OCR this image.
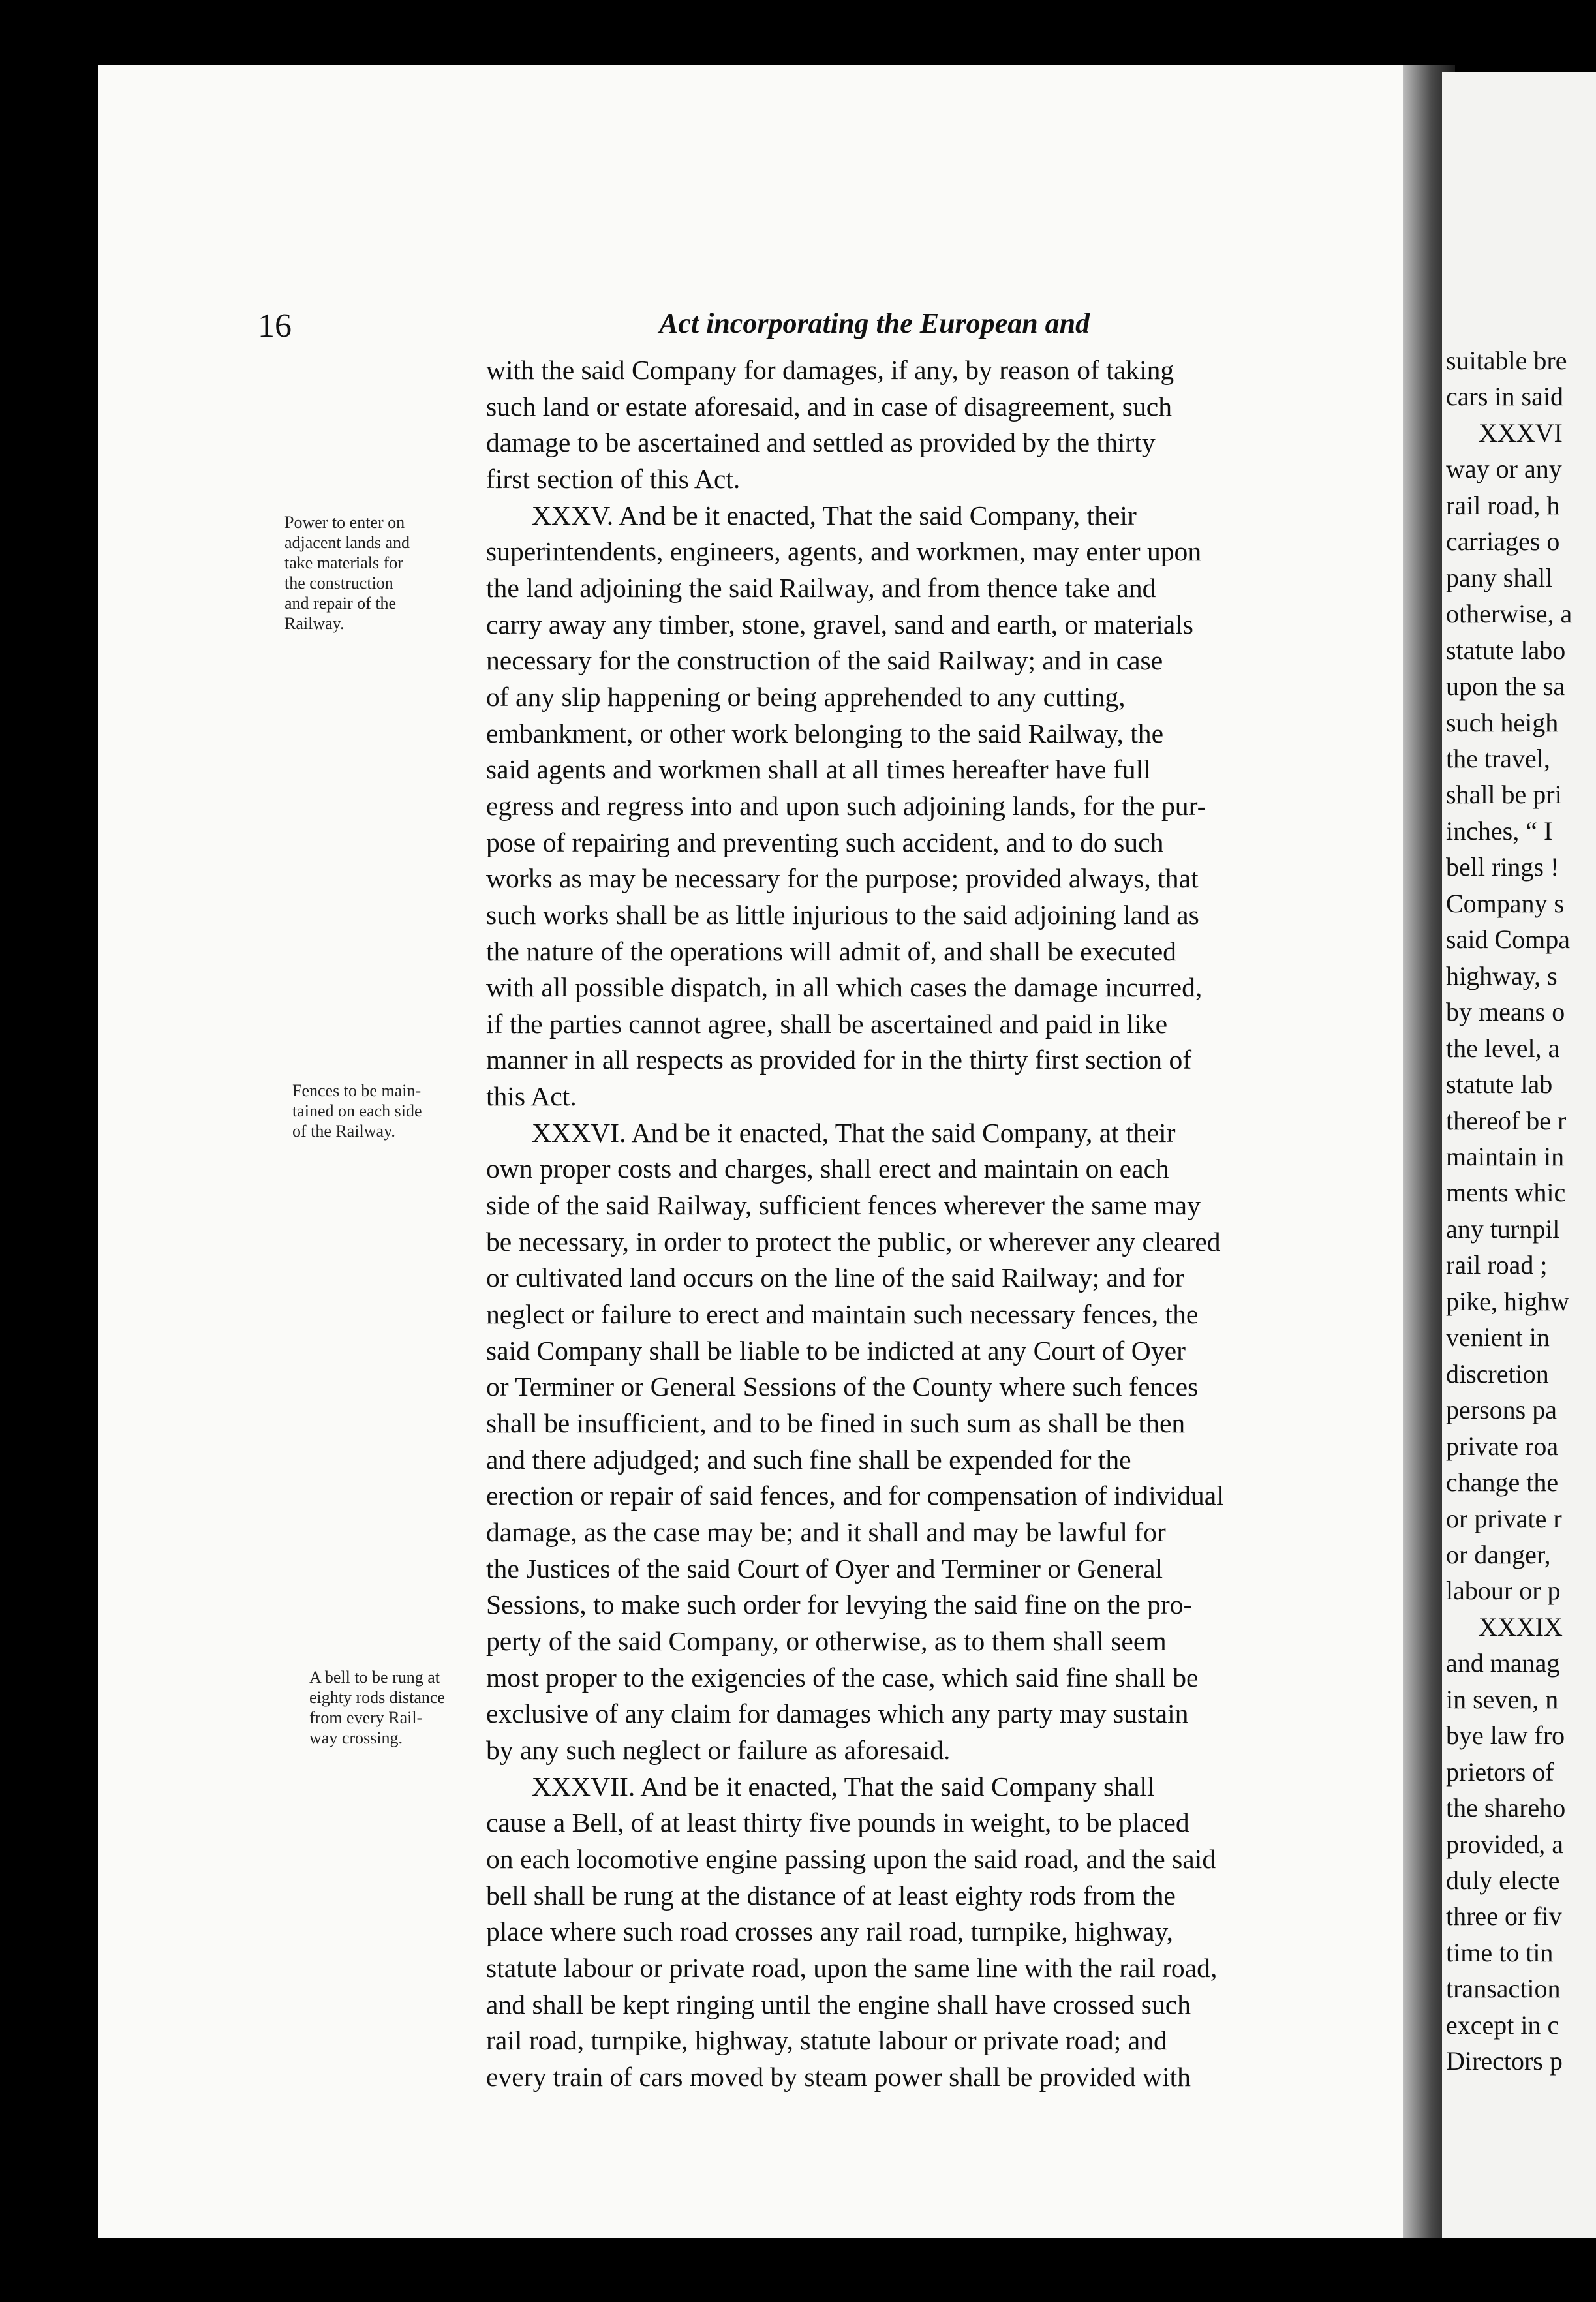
16	Act incorporating the European and
Power to enter on
adjacent lands and
take materials for
the construction
and repair of the
Railway.
Fences to be main-
tained on each side
of the Railway.
A bell to be rung at
eighty rods distance
from every Rail-
way crossing.

with the said Company for damages, if any, by reason of taking

such land or estate aforesaid, and in case of disagreement, such

damage to be ascertained and settled as provided by the thirty

first section of this Act.

XXXV. And be it enacted, That the said Company, their

superintendents, engineers, agents, and workmen, may enter upon

the land adjoining the said Railway, and from thence take and

carry away any timber, stone, gravel, sand and earth, or materials

necessary for the construction of the said Railway; and in case

of any slip happening or being apprehended to any cutting,

embankment, or other work belonging to the said Railway, the

said agents and workmen shall at all times hereafter have full

egress and regress into and upon such adjoining lands, for the pur-

pose of repairing and preventing such accident, and to do such

works as may be necessary for the purpose; provided always, that

such works shall be as little injurious to the said adjoining land as

the nature of the operations will admit of, and shall be executed

with all possible dispatch, in all which cases the damage incurred,

if the parties cannot agree, shall be ascertained and paid in like

manner in all respects as provided for in the thirty first section of

this Act.

XXXVI. And be it enacted, That the said Company, at their

own proper costs and charges, shall erect and maintain on each

side of the said Railway, sufficient fences wherever the same may

be necessary, in order to protect the public, or wherever any cleared

or cultivated land occurs on the line of the said Railway; and for

neglect or failure to erect and maintain such necessary fences, the

said Company shall be liable to be indicted at any Court of Oyer

or Terminer or General Sessions of the County where such fences

shall be insufficient, and to be fined in such sum as shall be then

and there adjudged; and such fine shall be expended for the

erection or repair of said fences, and for compensation of individual

damage, as the case may be; and it shall and may be lawful for

the Justices of the said Court of Oyer and Terminer or General

Sessions, to make such order for levying the said fine on the pro-

perty of the said Company, or otherwise, as to them shall seem

most proper to the exigencies of the case, which said fine shall be

exclusive of any claim for damages which any party may sustain

by any such neglect or failure as aforesaid.

XXXVII. And be it enacted, That the said Company shall

cause a Bell, of at least thirty five pounds in weight, to be placed

on each locomotive engine passing upon the said road, and the said

bell shall be rung at the distance of at least eighty rods from the

place where such road crosses any rail road, turnpike, highway,

statute labour or private road, upon the same line with the rail road,

and shall be kept ringing until the engine shall have crossed such

rail road, turnpike, highway, statute labour or private road; and

every train of cars moved by steam power shall be provided with

suitable bre
cars in said
XXXVI
way or any
rail road, h
carriages o
pany shall
otherwise, a
statute labo
upon the sa
such heigh
the travel,
shall be pri
inches, “ I
bell rings !
Company s
said Compa
highway, s
by means o
the level, a
statute lab
thereof be r
maintain in
ments whic
any turnpil
rail road ;
pike, highw
venient in
discretion
persons pa
private roa
change the
or private r
or danger,
labour or p
XXXIX
and manag
in seven, n
bye law fro
prietors of
the shareho
provided, a
duly electe
three or fiv
time to tin
transaction
except in c
Directors p
